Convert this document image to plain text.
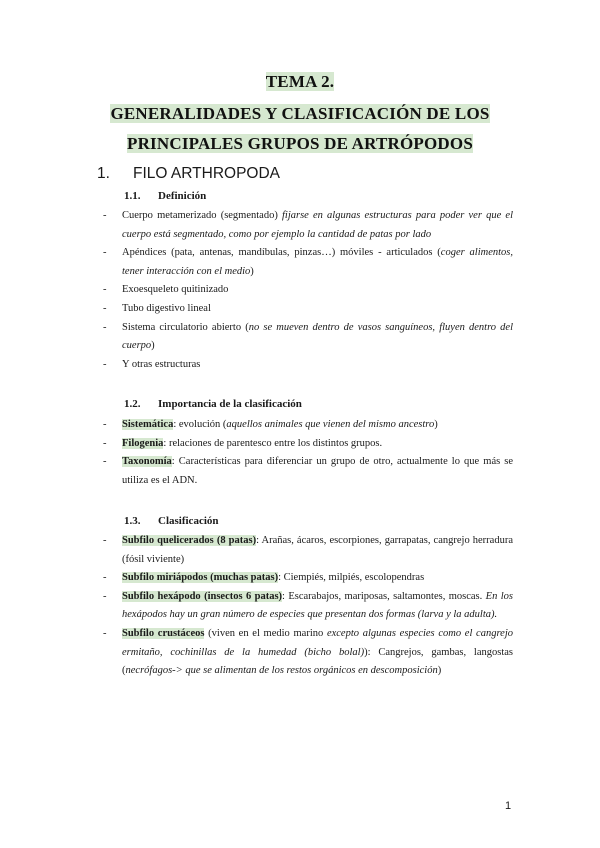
TEMA 2.
GENERALIDADES Y CLASIFICACIÓN DE LOS
PRINCIPALES GRUPOS DE ARTRÓPODOS
1. FILO ARTHROPODA
1.1. Definición
- Cuerpo metamerizado (segmentado) fijarse en algunas estructuras para poder ver que el cuerpo está segmentado, como por ejemplo la cantidad de patas por lado
- Apéndices (pata, antenas, mandíbulas, pinzas…) móviles - articulados (coger alimentos, tener interacción con el medio)
- Exoesqueleto quitinizado
- Tubo digestivo lineal
- Sistema circulatorio abierto (no se mueven dentro de vasos sanguíneos, fluyen dentro del cuerpo)
- Y otras estructuras
1.2. Importancia de la clasificación
- Sistemática: evolución (aquellos animales que vienen del mismo ancestro)
- Filogenia: relaciones de parentesco entre los distintos grupos.
- Taxonomía: Características para diferenciar un grupo de otro, actualmente lo que más se utiliza es el ADN.
1.3. Clasificación
- Subfilo quelicerados (8 patas): Arañas, ácaros, escorpiones, garrapatas, cangrejo herradura (fósil viviente)
- Subfilo miriápodos (muchas patas): Ciempiés, milpiés, escolopendras
- Subfilo hexápodo (insectos 6 patas): Escarabajos, mariposas, saltamontes, moscas. En los hexápodos hay un gran número de especies que presentan dos formas (larva y la adulta).
- Subfilo crustáceos (viven en el medio marino excepto algunas especies como el cangrejo ermitaño, cochinillas de la humedad (bicho bolal)): Cangrejos, gambas, langostas (necrófagos-> que se alimentan de los restos orgánicos en descomposición)
1
